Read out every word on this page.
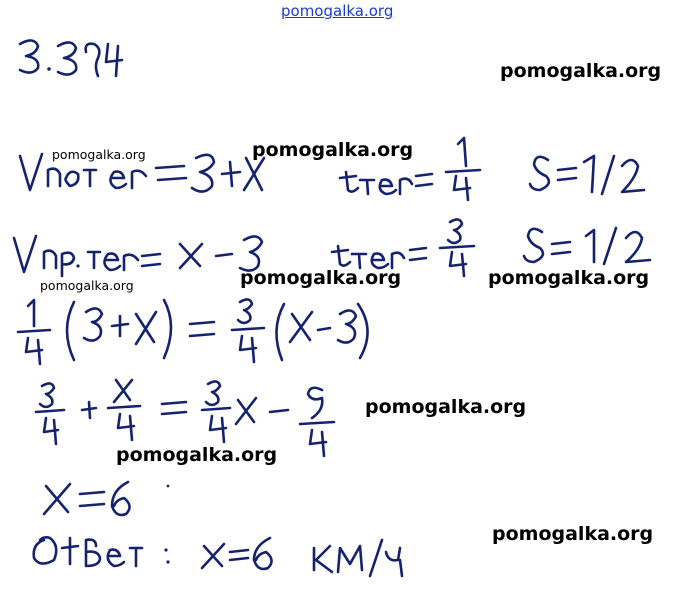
pomogalka.org
pomogalka.org
pomogalka.org	pomogalka.org
pomogalka.org	pomogalka.org
pomogalka.org
pomogalka.org
pomogalka.org
pomogalka.org
